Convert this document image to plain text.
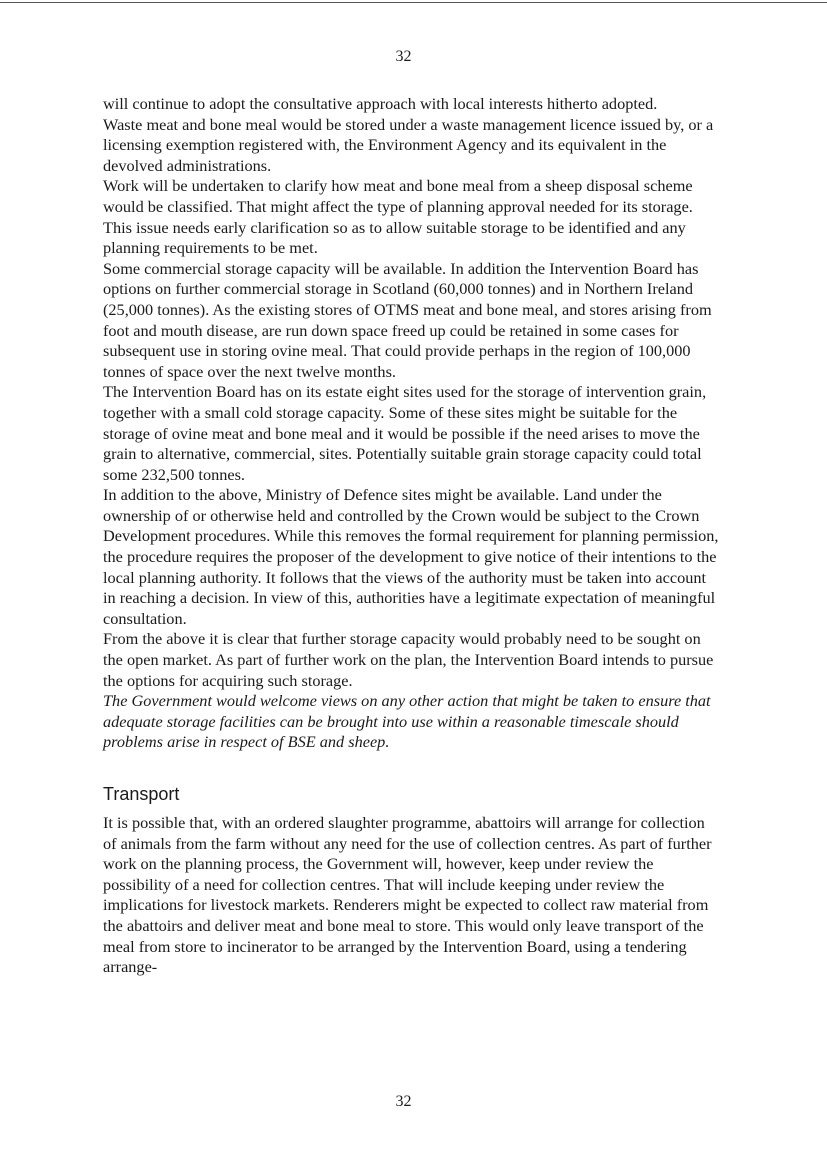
32

will continue to adopt the consultative approach with local interests hitherto adopted.

Waste meat and bone meal would be stored under a waste management licence issued by, or a licensing exemption registered with, the Environment Agency and its equivalent in the devolved administrations.

Work will be undertaken to clarify how meat and bone meal from a sheep disposal scheme would be classified. That might affect the type of planning approval needed for its storage. This issue needs early clarification so as to allow suitable storage to be identified and any planning requirements to be met.

Some commercial storage capacity will be available. In addition the Intervention Board has options on further commercial storage in Scotland (60,000 tonnes) and in Northern Ireland (25,000 tonnes). As the existing stores of OTMS meat and bone meal, and stores arising from foot and mouth disease, are run down space freed up could be retained in some cases for subsequent use in storing ovine meal. That could provide perhaps in the region of 100,000 tonnes of space over the next twelve months.

The Intervention Board has on its estate eight sites used for the storage of intervention grain, together with a small cold storage capacity. Some of these sites might be suitable for the storage of ovine meat and bone meal and it would be possible if the need arises to move the grain to alternative, commercial, sites. Potentially suitable grain storage capacity could total some 232,500 tonnes.

In addition to the above, Ministry of Defence sites might be available. Land under the ownership of or otherwise held and controlled by the Crown would be subject to the Crown Development procedures. While this removes the formal requirement for planning permission, the procedure requires the proposer of the development to give notice of their intentions to the local planning authority. It follows that the views of the authority must be taken into account in reaching a decision. In view of this, authorities have a legitimate expectation of meaningful consultation.

From the above it is clear that further storage capacity would probably need to be sought on the open market. As part of further work on the plan, the Intervention Board intends to pursue the options for acquiring such storage.

The Government would welcome views on any other action that might be taken to ensure that adequate storage facilities can be brought into use within a reasonable timescale should problems arise in respect of BSE and sheep.

Transport

It is possible that, with an ordered slaughter programme, abattoirs will arrange for collection of animals from the farm without any need for the use of collection centres. As part of further work on the planning process, the Government will, however, keep under review the possibility of a need for collection centres. That will include keeping under review the implications for livestock markets. Renderers might be expected to collect raw material from the abattoirs and deliver meat and bone meal to store. This would only leave transport of the meal from store to incinerator to be arranged by the Intervention Board, using a tendering arrange-

32
